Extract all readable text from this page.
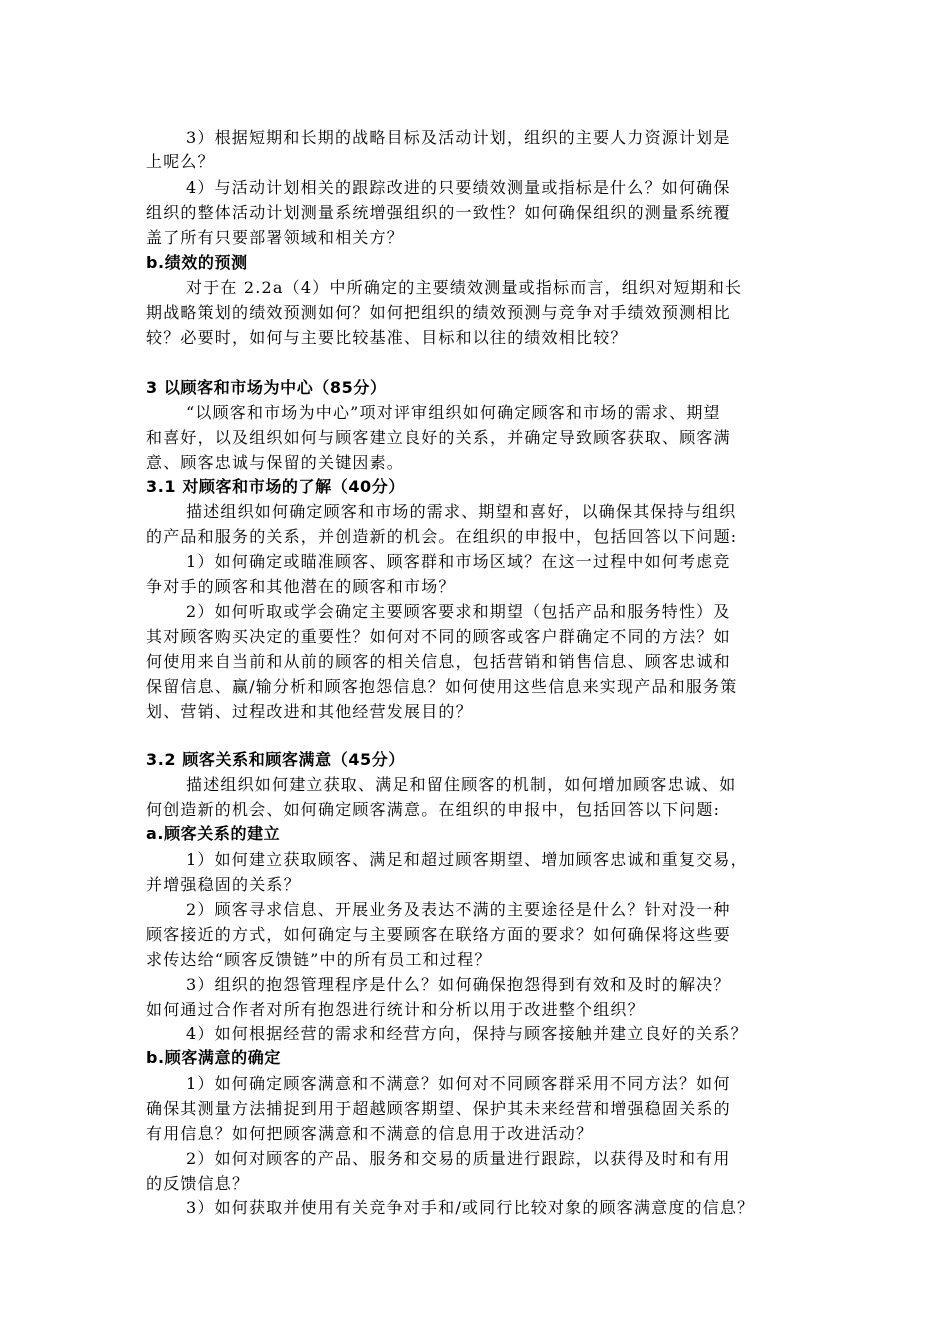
3）根据短期和长期的战略目标及活动计划，组织的主要人力资源计划是
上呢么？
4）与活动计划相关的跟踪改进的只要绩效测量或指标是什么？如何确保
组织的整体活动计划测量系统增强组织的一致性？如何确保组织的测量系统覆
盖了所有只要部署领域和相关方？
b.绩效的预测
对于在 2.2a（4）中所确定的主要绩效测量或指标而言，组织对短期和长
期战略策划的绩效预测如何？如何把组织的绩效预测与竞争对手绩效预测相比
较？必要时，如何与主要比较基准、目标和以往的绩效相比较？
3 以顾客和市场为中心（85分）
“以顾客和市场为中心”项对评审组织如何确定顾客和市场的需求、期望
和喜好，以及组织如何与顾客建立良好的关系，并确定导致顾客获取、顾客满
意、顾客忠诚与保留的关键因素。
3.1 对顾客和市场的了解（40分）
描述组织如何确定顾客和市场的需求、期望和喜好，以确保其保持与组织
的产品和服务的关系，并创造新的机会。在组织的申报中，包括回答以下问题:
1）如何确定或瞄准顾客、顾客群和市场区域？在这一过程中如何考虑竞
争对手的顾客和其他潜在的顾客和市场？
2）如何听取或学会确定主要顾客要求和期望（包括产品和服务特性）及
其对顾客购买决定的重要性？如何对不同的顾客或客户群确定不同的方法？如
何使用来自当前和从前的顾客的相关信息，包括营销和销售信息、顾客忠诚和
保留信息、赢/输分析和顾客抱怨信息？如何使用这些信息来实现产品和服务策
划、营销、过程改进和其他经营发展目的？
3.2 顾客关系和顾客满意（45分）
描述组织如何建立获取、满足和留住顾客的机制，如何增加顾客忠诚、如
何创造新的机会、如何确定顾客满意。在组织的申报中，包括回答以下问题:
a.顾客关系的建立
1）如何建立获取顾客、满足和超过顾客期望、增加顾客忠诚和重复交易，
并增强稳固的关系？
2）顾客寻求信息、开展业务及表达不满的主要途径是什么？针对没一种
顾客接近的方式，如何确定与主要顾客在联络方面的要求？如何确保将这些要
求传达给“顾客反馈链”中的所有员工和过程？
3）组织的抱怨管理程序是什么？如何确保抱怨得到有效和及时的解决？
如何通过合作者对所有抱怨进行统计和分析以用于改进整个组织？
4）如何根据经营的需求和经营方向，保持与顾客接触并建立良好的关系？
b.顾客满意的确定
1）如何确定顾客满意和不满意？如何对不同顾客群采用不同方法？如何
确保其测量方法捕捉到用于超越顾客期望、保护其未来经营和增强稳固关系的
有用信息？如何把顾客满意和不满意的信息用于改进活动？
2）如何对顾客的产品、服务和交易的质量进行跟踪，以获得及时和有用
的反馈信息？
3）如何获取并使用有关竞争对手和/或同行比较对象的顾客满意度的信息？
